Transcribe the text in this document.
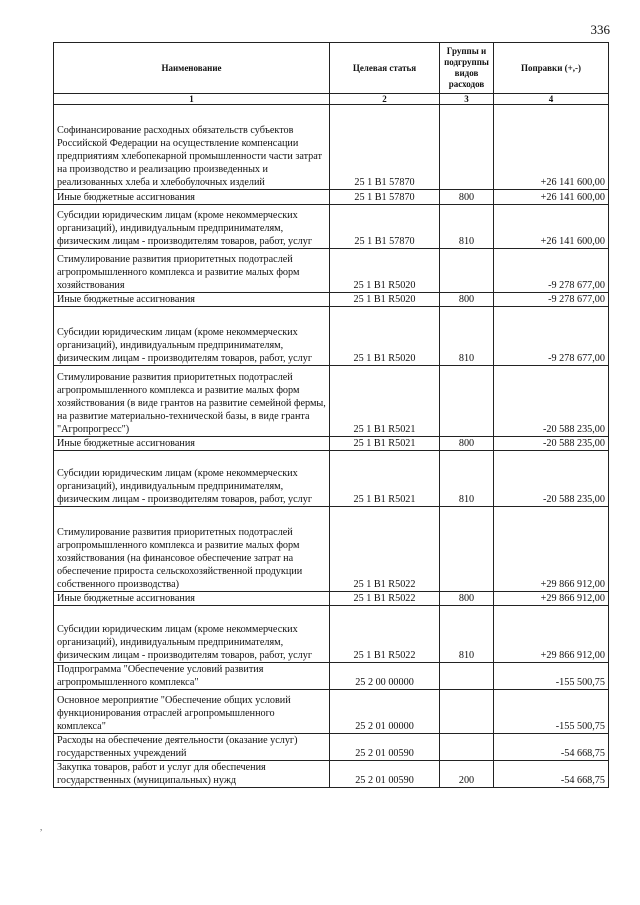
336
Наименование	Целевая статья	Группы и подгруппы видов расходов	Поправки (+,-)
1	2	3	4
Софинансирование расходных обязательств субъектов Российской Федерации на осуществление компенсации предприятиям хлебопекарной промышленности части затрат на производство и реализацию произведенных и реализованных хлеба и хлебобулочных изделий	25 1 B1 57870		+26 141 600,00
Иные бюджетные ассигнования	25 1 B1 57870	800	+26 141 600,00
Субсидии юридическим лицам (кроме некоммерческих организаций), индивидуальным предпринимателям, физическим лицам - производителям товаров, работ, услуг	25 1 B1 57870	810	+26 141 600,00
Стимулирование развития приоритетных подотраслей агропромышленного комплекса и развитие малых форм хозяйствования	25 1 B1 R5020		-9 278 677,00
Иные бюджетные ассигнования	25 1 B1 R5020	800	-9 278 677,00
Субсидии юридическим лицам (кроме некоммерческих организаций), индивидуальным предпринимателям, физическим лицам - производителям товаров, работ, услуг	25 1 B1 R5020	810	-9 278 677,00
Стимулирование развития приоритетных подотраслей агропромышленного комплекса и развитие малых форм хозяйствования (в виде грантов на развитие семейной фермы, на развитие материально-технической базы, в виде гранта "Агропрогресс")	25 1 B1 R5021		-20 588 235,00
Иные бюджетные ассигнования	25 1 B1 R5021	800	-20 588 235,00
Субсидии юридическим лицам (кроме некоммерческих организаций), индивидуальным предпринимателям, физическим лицам - производителям товаров, работ, услуг	25 1 B1 R5021	810	-20 588 235,00
Стимулирование развития приоритетных подотраслей агропромышленного комплекса и развитие малых форм хозяйствования (на финансовое обеспечение затрат на обеспечение прироста сельскохозяйственной продукции собственного производства)	25 1 B1 R5022		+29 866 912,00
Иные бюджетные ассигнования	25 1 B1 R5022	800	+29 866 912,00
Субсидии юридическим лицам (кроме некоммерческих организаций), индивидуальным предпринимателям, физическим лицам - производителям товаров, работ, услуг	25 1 B1 R5022	810	+29 866 912,00
Подпрограмма "Обеспечение условий развития агропромышленного комплекса"	25 2 00 00000		-155 500,75
Основное мероприятие "Обеспечение общих условий функционирования отраслей агропромышленного комплекса"	25 2 01 00000		-155 500,75
Расходы на обеспечение деятельности (оказание услуг) государственных учреждений	25 2 01 00590		-54 668,75
Закупка товаров, работ и услуг для обеспечения государственных (муниципальных) нужд	25 2 01 00590	200	-54 668,75
,
